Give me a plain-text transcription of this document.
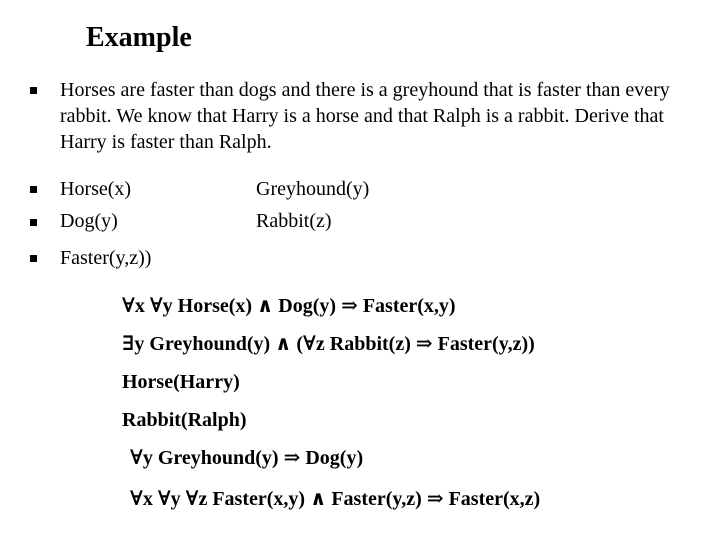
Example
Horses are faster than dogs and there is a greyhound that is faster than every rabbit. We know that Harry is a horse and that Ralph is a rabbit. Derive that Harry is faster than Ralph.
Horse(x)	Greyhound(y)
Dog(y)	Rabbit(z)
Faster(y,z))
∀x ∀y Horse(x) ∧ Dog(y) ⇒ Faster(x,y)
∃y Greyhound(y) ∧ (∀z Rabbit(z) ⇒ Faster(y,z))
Horse(Harry)
Rabbit(Ralph)
∀y Greyhound(y) ⇒ Dog(y)
∀x ∀y ∀z Faster(x,y) ∧ Faster(y,z) ⇒ Faster(x,z)
